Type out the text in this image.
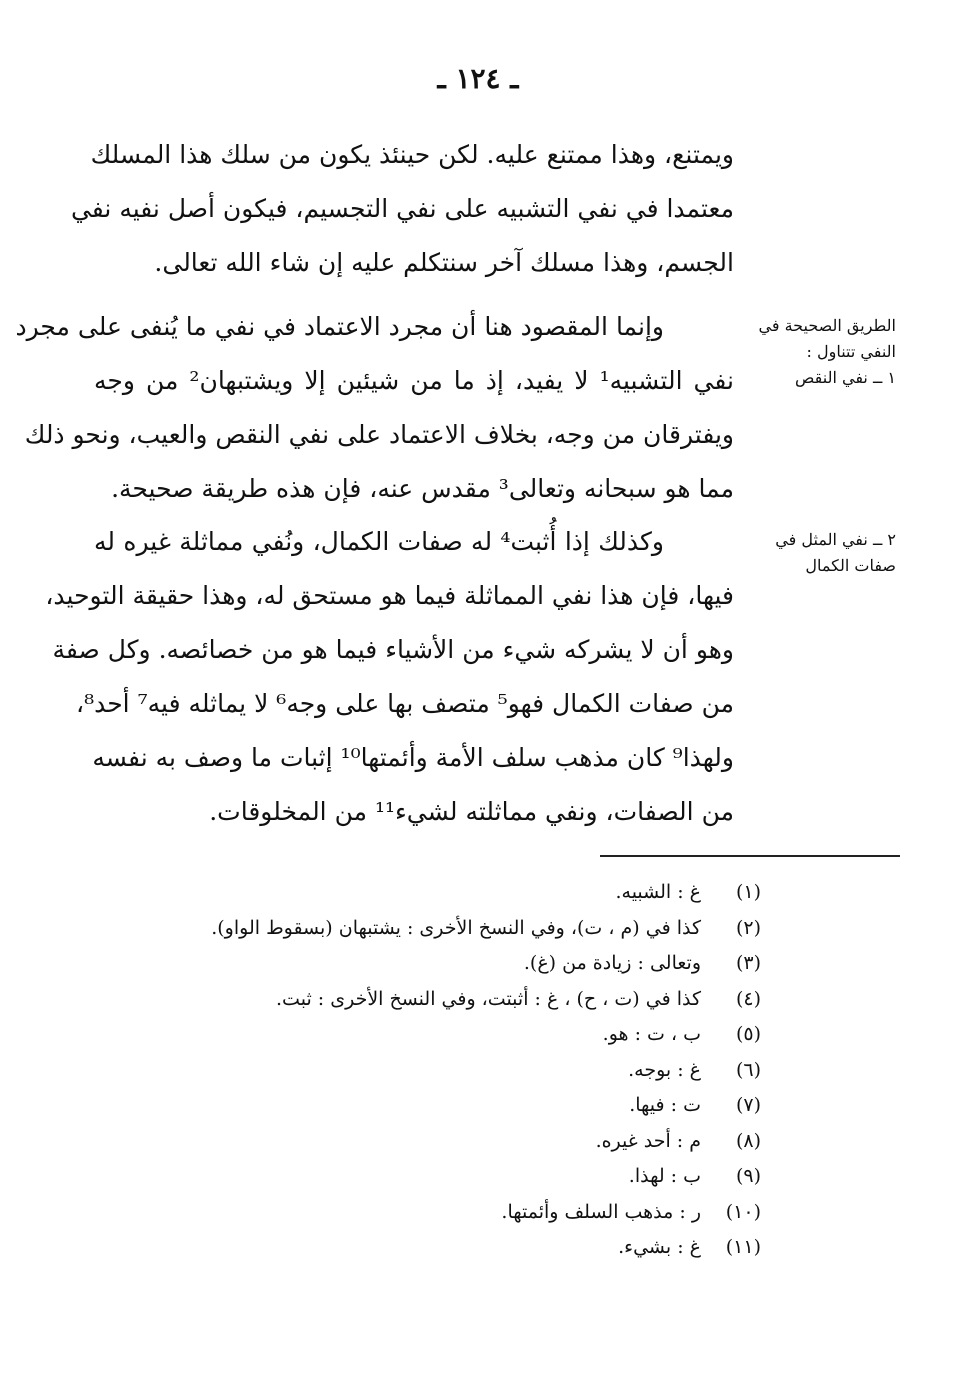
ـ ١٢٤ ـ
ويمتنع، وهذا ممتنع عليه. لكن حينئذ يكون من سلك هذا المسلك
معتمدا في نفي التشبيه على نفي التجسيم، فيكون أصل نفيه نفي
الجسم، وهذا مسلك آخر سنتكلم عليه إن شاء الله تعالى.
وإنما المقصود هنا أن مجرد الاعتماد في نفي ما يُنفى على مجرد
نفي التشبيه¹ لا يفيد، إذ ما من شيئين إلا ويشتبهان² من وجه
ويفترقان من وجه، بخلاف الاعتماد على نفي النقص والعيب، ونحو ذلك
مما هو سبحانه وتعالى³ مقدس عنه، فإن هذه طريقة صحيحة.
وكذلك إذا أُثبت⁴ له صفات الكمال، ونُفي مماثلة غيره له
فيها، فإن هذا نفي المماثلة فيما هو مستحق له، وهذا حقيقة التوحيد،
وهو أن لا يشركه شيء من الأشياء فيما هو من خصائصه. وكل صفة
من صفات الكمال فهو⁵ متصف بها على وجه⁶ لا يماثله فيه⁷ أحد⁸،
ولهذا⁹ كان مذهب سلف الأمة وأئمتها¹⁰ إثبات ما وصف به نفسه
من الصفات، ونفي مماثلته لشيء¹¹ من المخلوقات.
الطريق الصحيحة في
النفي تتناول :
١ ــ نفي النقص
٢ ــ نفي المثل في
صفات الكمال
(١)
غ : الشبيه.
(٢)
كذا في (م ، ت)، وفي النسخ الأخرى : يشتبهان (بسقوط الواو).
(٣)
وتعالى : زيادة من (غ).
(٤)
كذا في (ت ، ح) ، غ : أثبتت، وفي النسخ الأخرى : ثبت.
(٥)
ب ، ت : هو.
(٦)
غ : بوجه.
(٧)
ت : فيها.
(٨)
م : أحد غيره.
(٩)
ب : لهذا.
(١٠)
ر : مذهب السلف وأئمتها.
(١١)
غ : بشيء.
